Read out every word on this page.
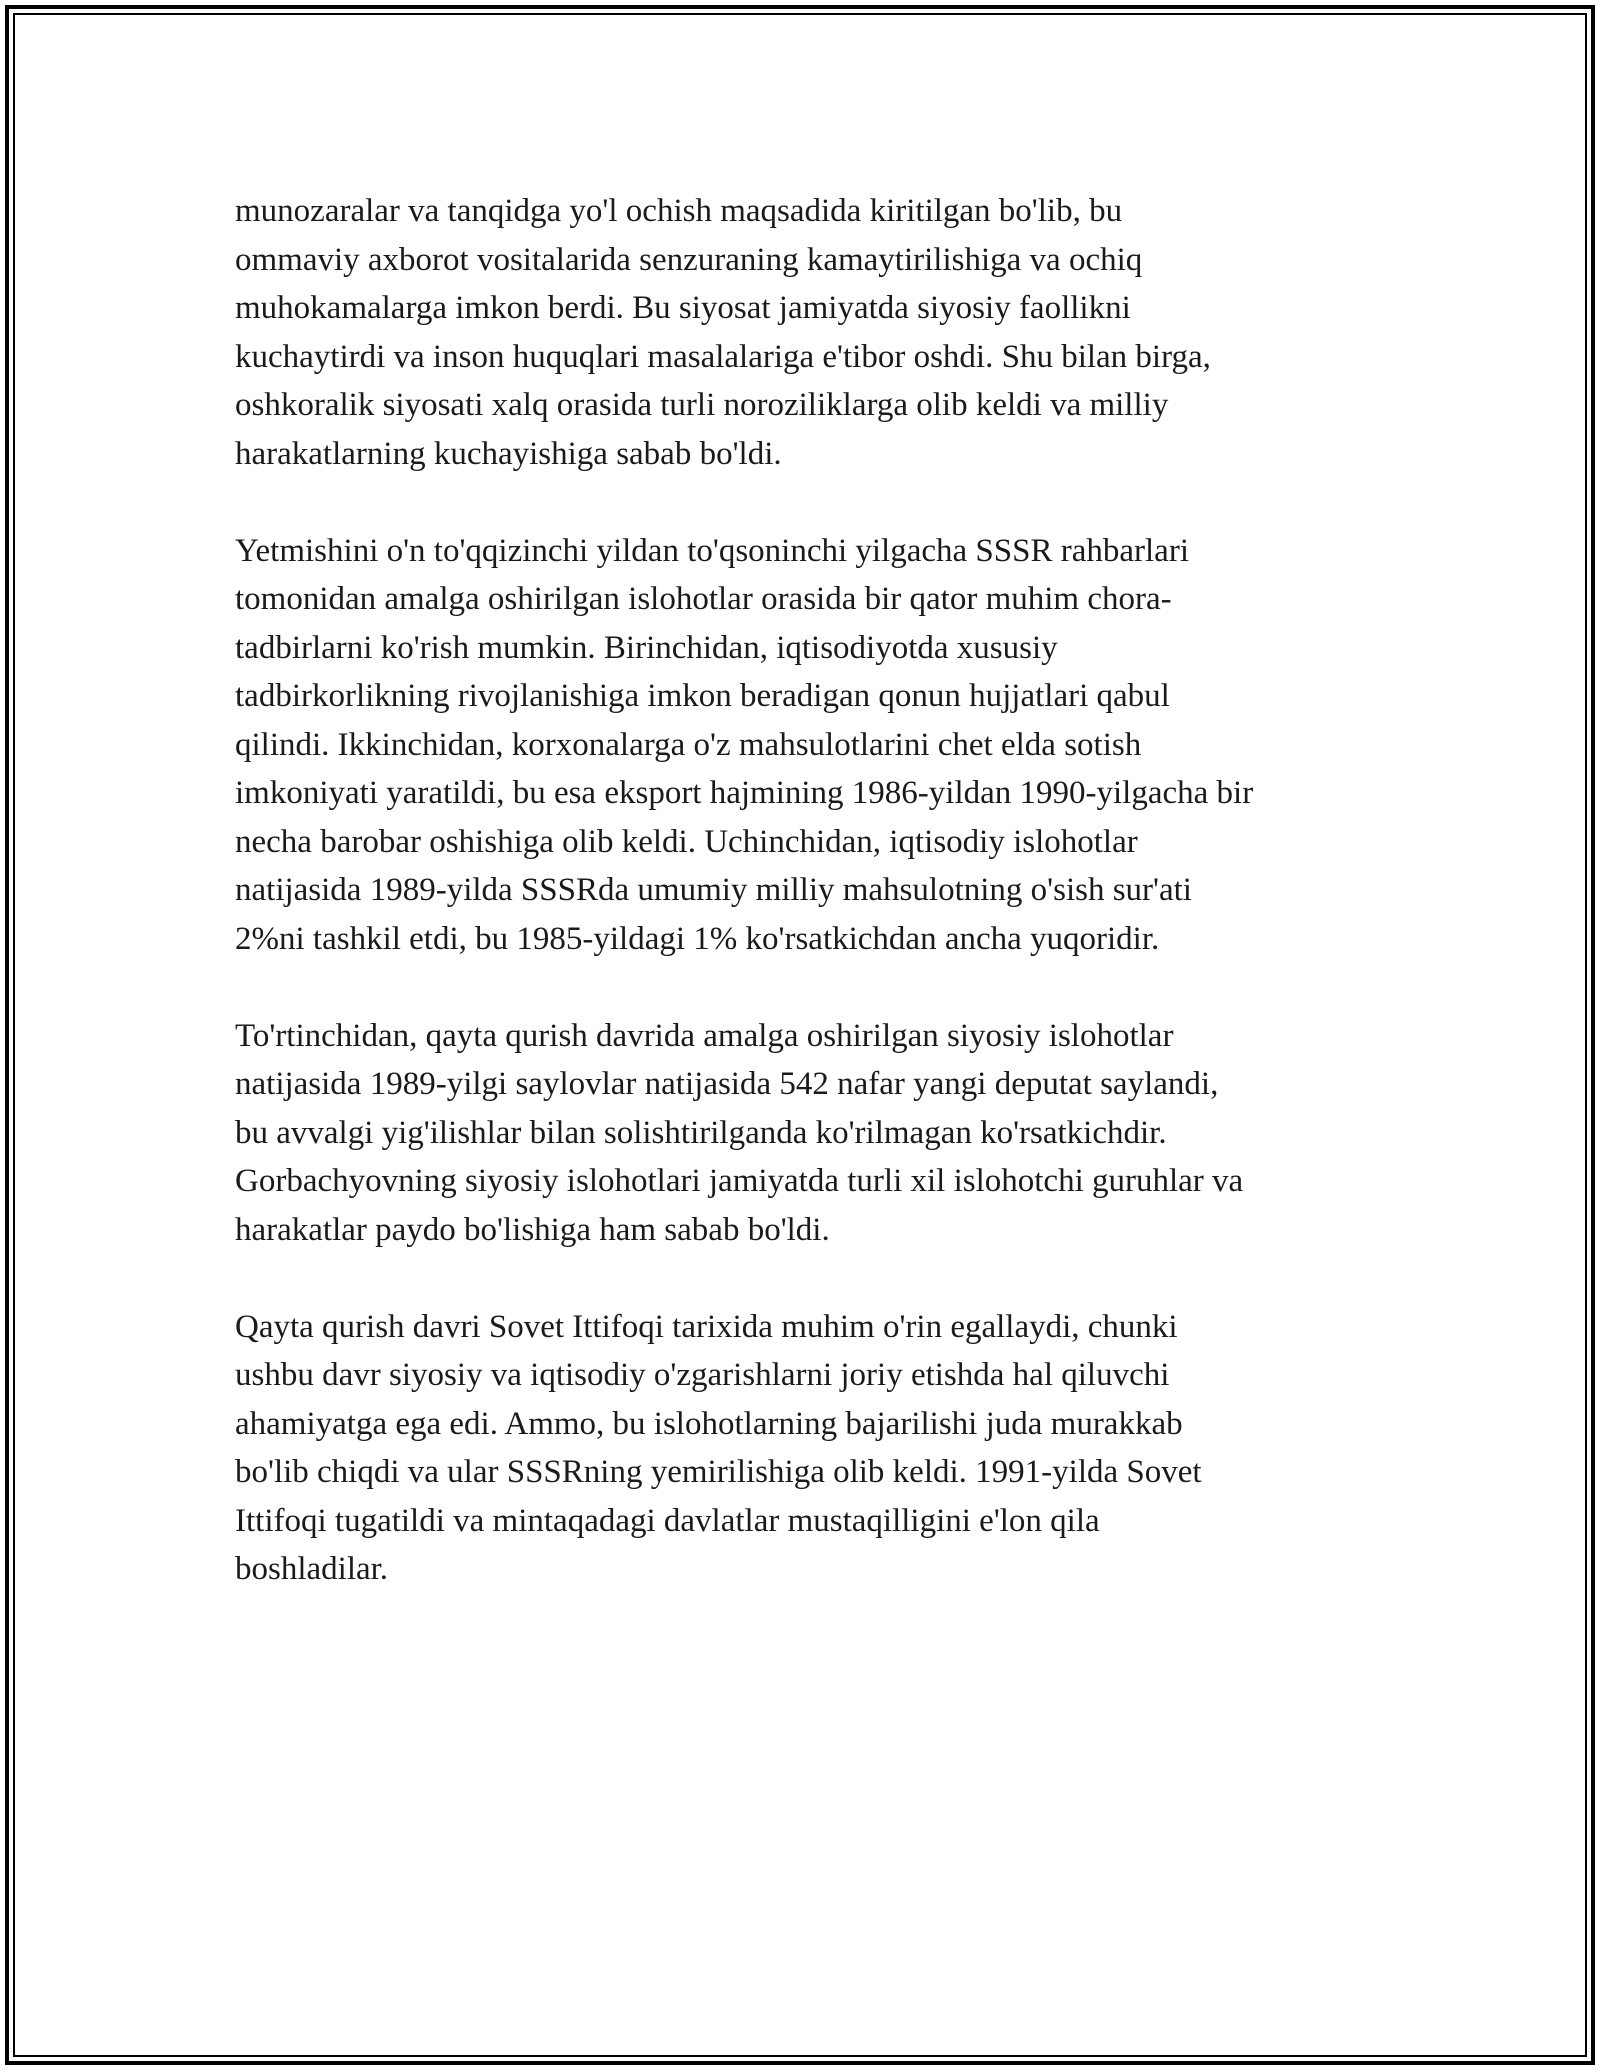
munozaralar va tanqidga yo'l ochish maqsadida kiritilgan bo'lib, bu
ommaviy axborot vositalarida senzuraning kamaytirilishiga va ochiq
muhokamalarga imkon berdi. Bu siyosat jamiyatda siyosiy faollikni
kuchaytirdi va inson huquqlari masalalariga e'tibor oshdi. Shu bilan birga,
oshkoralik siyosati xalq orasida turli noroziliklarga olib keldi va milliy
harakatlarning kuchayishiga sabab bo'ldi.

Yetmishini o'n to'qqizinchi yildan to'qsoninchi yilgacha SSSR rahbarlari
tomonidan amalga oshirilgan islohotlar orasida bir qator muhim chora-
tadbirlarni ko'rish mumkin. Birinchidan, iqtisodiyotda xususiy
tadbirkorlikning rivojlanishiga imkon beradigan qonun hujjatlari qabul
qilindi. Ikkinchidan, korxonalarga o'z mahsulotlarini chet elda sotish
imkoniyati yaratildi, bu esa eksport hajmining 1986-yildan 1990-yilgacha bir
necha barobar oshishiga olib keldi. Uchinchidan, iqtisodiy islohotlar
natijasida 1989-yilda SSSRda umumiy milliy mahsulotning o'sish sur'ati
2%ni tashkil etdi, bu 1985-yildagi 1% ko'rsatkichdan ancha yuqoridir.

To'rtinchidan, qayta qurish davrida amalga oshirilgan siyosiy islohotlar
natijasida 1989-yilgi saylovlar natijasida 542 nafar yangi deputat saylandi,
bu avvalgi yig'ilishlar bilan solishtirilganda ko'rilmagan ko'rsatkichdir.
Gorbachyovning siyosiy islohotlari jamiyatda turli xil islohotchi guruhlar va
harakatlar paydo bo'lishiga ham sabab bo'ldi.

Qayta qurish davri Sovet Ittifoqi tarixida muhim o'rin egallaydi, chunki
ushbu davr siyosiy va iqtisodiy o'zgarishlarni joriy etishda hal qiluvchi
ahamiyatga ega edi. Ammo, bu islohotlarning bajarilishi juda murakkab
bo'lib chiqdi va ular SSSRning yemirilishiga olib keldi. 1991-yilda Sovet
Ittifoqi tugatildi va mintaqadagi davlatlar mustaqilligini e'lon qila
boshladilar.
